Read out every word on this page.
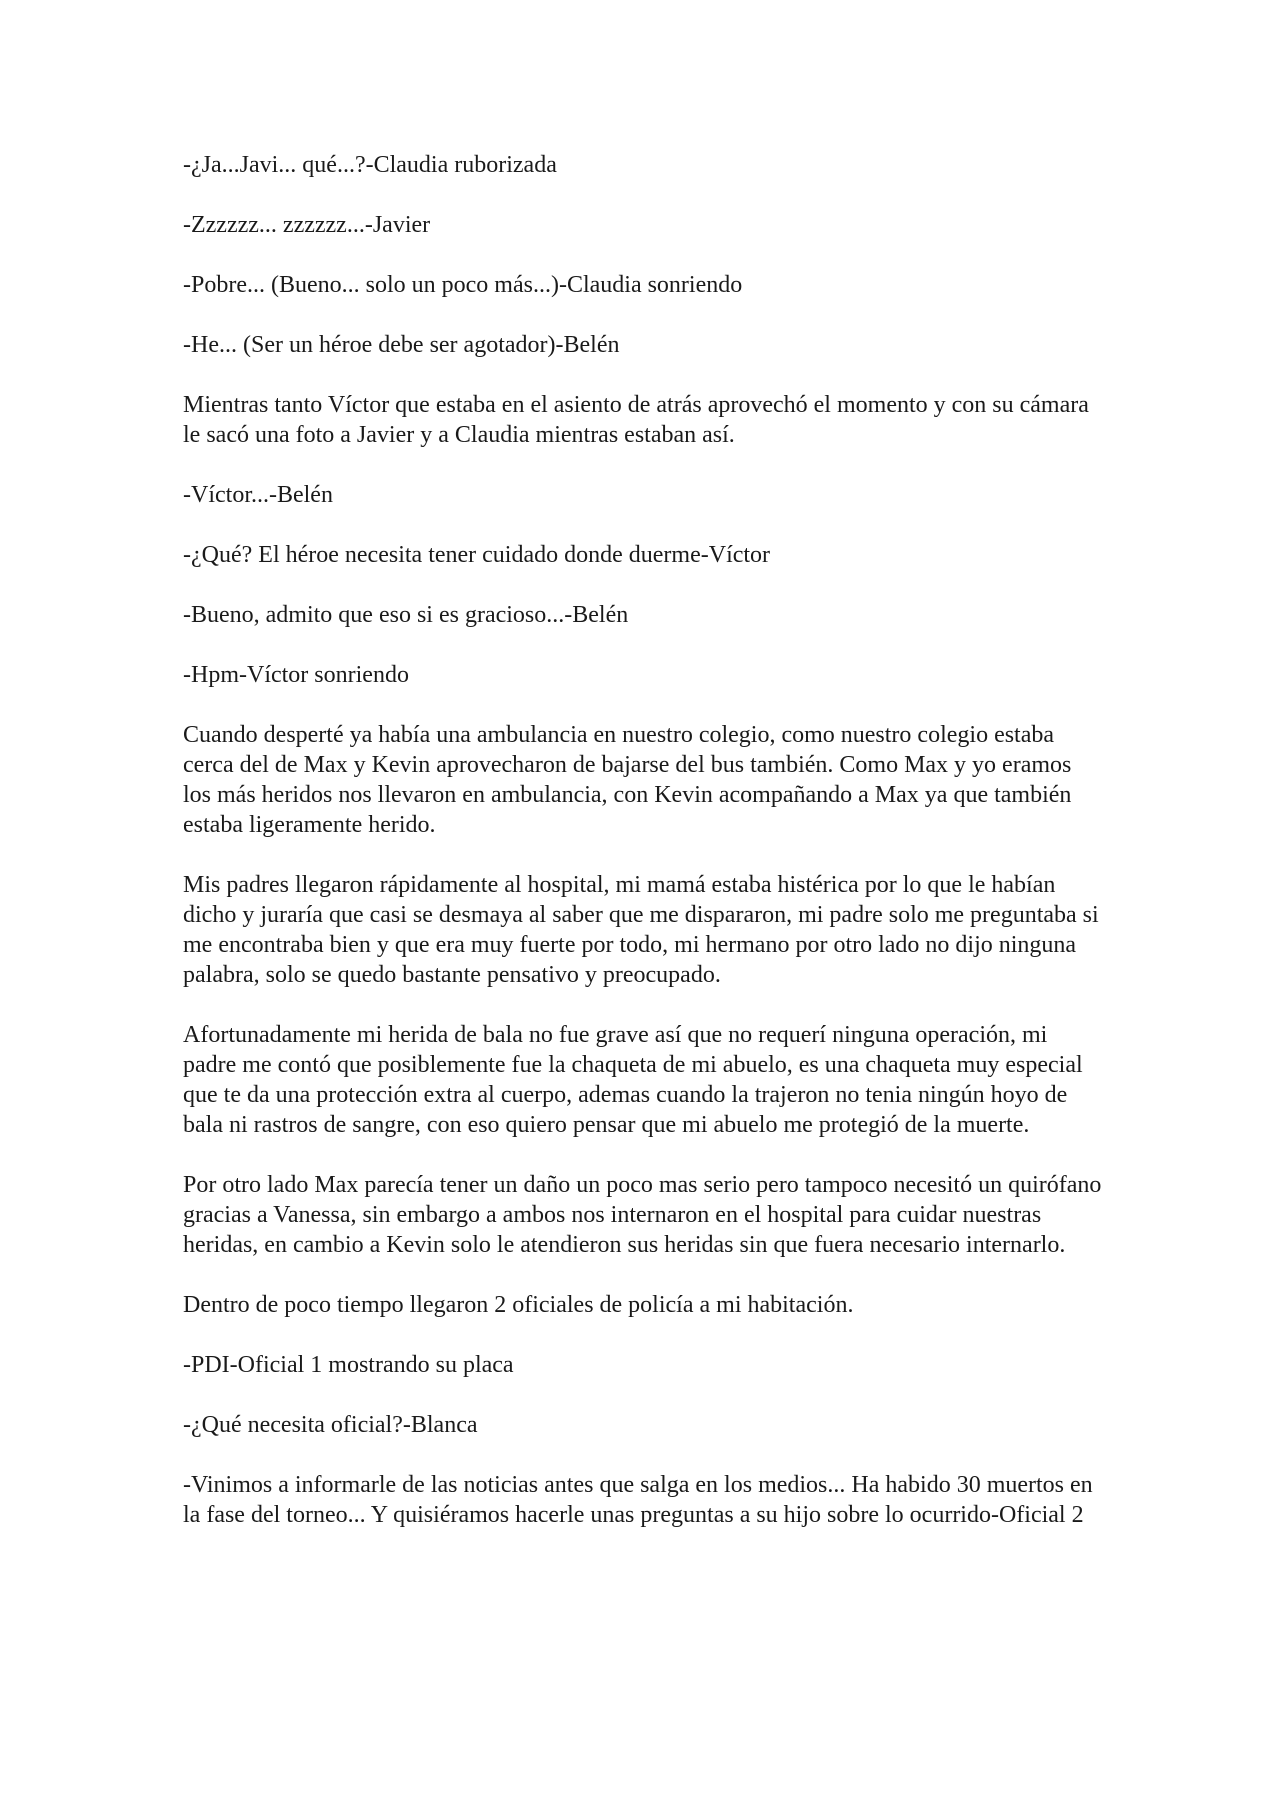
-¿Ja...Javi... qué...?-Claudia ruborizada

-Zzzzzz... zzzzzz...-Javier

-Pobre... (Bueno... solo un poco más...)-Claudia sonriendo

-He... (Ser un héroe debe ser agotador)-Belén

Mientras tanto Víctor que estaba en el asiento de atrás aprovechó el momento y con su cámara le sacó una foto a Javier y a Claudia mientras estaban así.

-Víctor...-Belén

-¿Qué? El héroe necesita tener cuidado donde duerme-Víctor

-Bueno, admito que eso si es gracioso...-Belén

-Hpm-Víctor sonriendo

Cuando desperté ya había una ambulancia en nuestro colegio, como nuestro colegio estaba cerca del de Max y Kevin aprovecharon de bajarse del bus también. Como Max y yo eramos los más heridos nos llevaron en ambulancia, con Kevin acompañando a Max ya que también estaba ligeramente herido.

Mis padres llegaron rápidamente al hospital, mi mamá estaba histérica por lo que le habían dicho y juraría que casi se desmaya al saber que me dispararon, mi padre solo me preguntaba si me encontraba bien y que era muy fuerte por todo, mi hermano por otro lado no dijo ninguna palabra, solo se quedo bastante pensativo y preocupado.

Afortunadamente mi herida de bala no fue grave así que no requerí ninguna operación, mi padre me contó que posiblemente fue la chaqueta de mi abuelo, es una chaqueta muy especial que te da una protección extra al cuerpo, ademas cuando la trajeron no tenia ningún hoyo de bala ni rastros de sangre, con eso quiero pensar que mi abuelo me protegió de la muerte.

Por otro lado Max parecía tener un daño un poco mas serio pero tampoco necesitó un quirófano gracias a Vanessa, sin embargo a ambos nos internaron en el hospital para cuidar nuestras heridas, en cambio a Kevin solo le atendieron sus heridas sin que fuera necesario internarlo.

Dentro de poco tiempo llegaron 2 oficiales de policía a mi habitación.

-PDI-Oficial 1 mostrando su placa

-¿Qué necesita oficial?-Blanca

-Vinimos a informarle de las noticias antes que salga en los medios... Ha habido 30 muertos en la fase del torneo... Y quisiéramos hacerle unas preguntas a su hijo sobre lo ocurrido-Oficial 2
